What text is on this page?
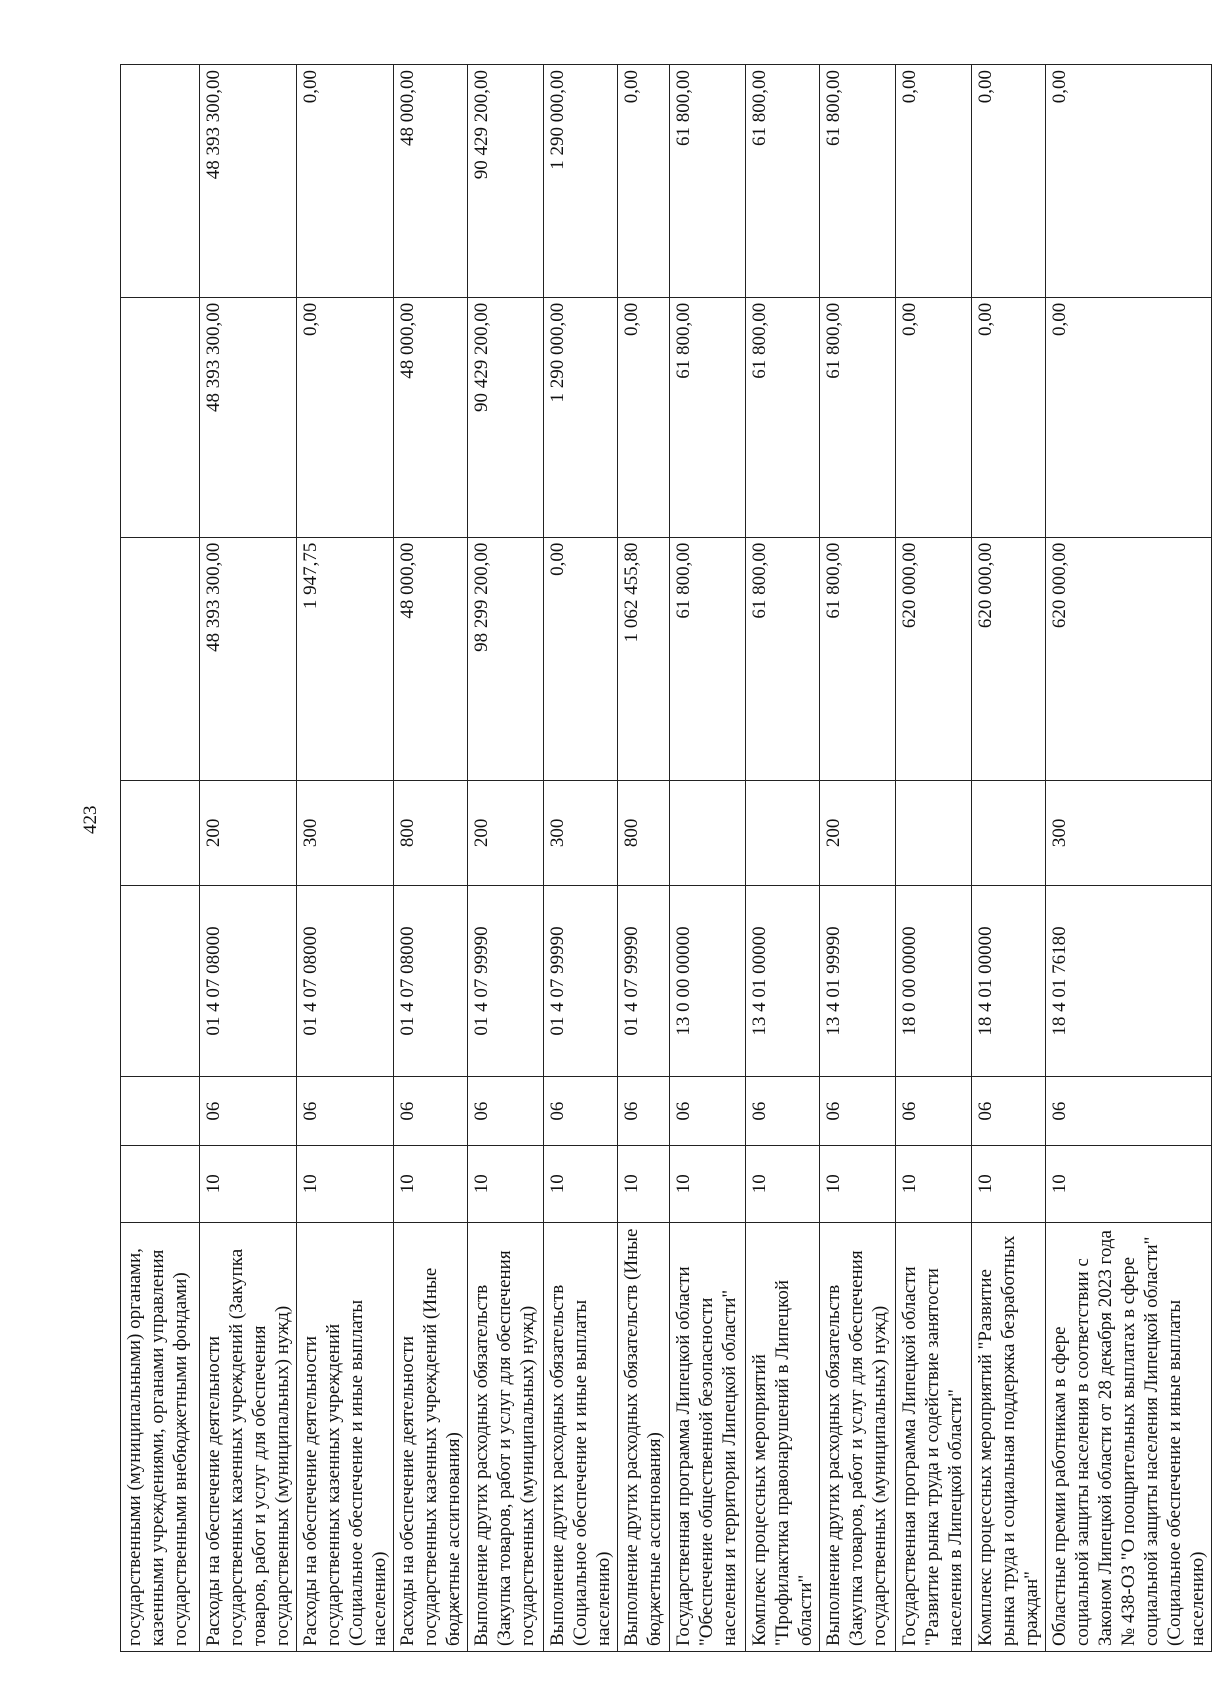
423
государственными (муниципальными) органами, казенными учреждениями, органами управления государственными внебюджетными фондами)							
Расходы на обеспечение деятельности государственных казенных учреждений (Закупка товаров, работ и услуг для обеспечения государственных (муниципальных) нужд)	10	06	01 4 07 08000	200	48 393 300,00	48 393 300,00	48 393 300,00
Расходы на обеспечение деятельности государственных казенных учреждений (Социальное обеспечение и иные выплаты населению)	10	06	01 4 07 08000	300	1 947,75	0,00	0,00
Расходы на обеспечение деятельности государственных казенных учреждений (Иные бюджетные ассигнования)	10	06	01 4 07 08000	800	48 000,00	48 000,00	48 000,00
Выполнение других расходных обязательств (Закупка товаров, работ и услуг для обеспечения государственных (муниципальных) нужд)	10	06	01 4 07 99990	200	98 299 200,00	90 429 200,00	90 429 200,00
Выполнение других расходных обязательств (Социальное обеспечение и иные выплаты населению)	10	06	01 4 07 99990	300	0,00	1 290 000,00	1 290 000,00
Выполнение других расходных обязательств (Иные бюджетные ассигнования)	10	06	01 4 07 99990	800	1 062 455,80	0,00	0,00
Государственная программа Липецкой области "Обеспечение общественной безопасности населения и территории Липецкой области"	10	06	13 0 00 00000		61 800,00	61 800,00	61 800,00
Комплекс процессных мероприятий "Профилактика правонарушений в Липецкой области"	10	06	13 4 01 00000		61 800,00	61 800,00	61 800,00
Выполнение других расходных обязательств (Закупка товаров, работ и услуг для обеспечения государственных (муниципальных) нужд)	10	06	13 4 01 99990	200	61 800,00	61 800,00	61 800,00
Государственная программа Липецкой области "Развитие рынка труда и содействие занятости населения в Липецкой области"	10	06	18 0 00 00000		620 000,00	0,00	0,00
Комплекс процессных мероприятий "Развитие рынка труда и социальная поддержка безработных граждан"	10	06	18 4 01 00000		620 000,00	0,00	0,00
Областные премии работникам в сфере социальной защиты населения в соответствии с Законом Липецкой области от 28 декабря 2023 года № 438-ОЗ "О поощрительных выплатах в сфере социальной защиты населения Липецкой области" (Социальное обеспечение и иные выплаты населению)	10	06	18 4 01 76180	300	620 000,00	0,00	0,00
